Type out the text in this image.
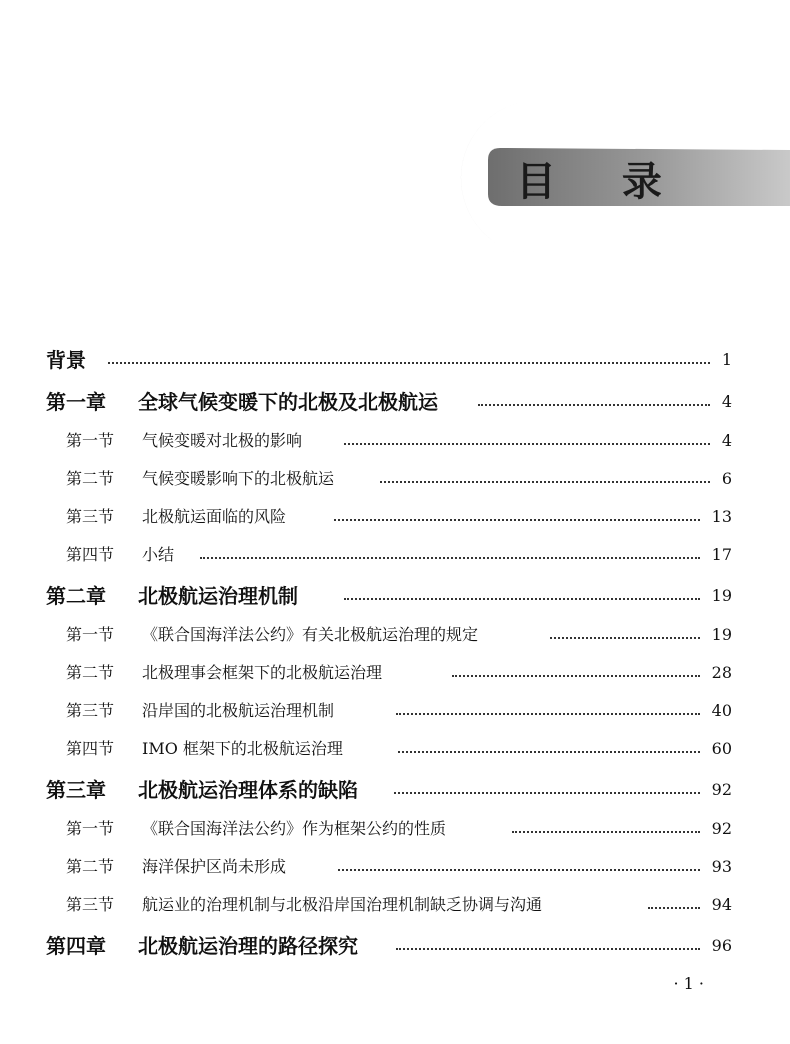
目 录
背景	1
第一章 全球气候变暖下的北极及北极航运	4
第一节 气候变暖对北极的影响	4
第二节 气候变暖影响下的北极航运	6
第三节 北极航运面临的风险	13
第四节 小结	17
第二章 北极航运治理机制	19
第一节 《联合国海洋法公约》有关北极航运治理的规定	19
第二节 北极理事会框架下的北极航运治理	28
第三节 沿岸国的北极航运治理机制	40
第四节 IMO 框架下的北极航运治理	60
第三章 北极航运治理体系的缺陷	92
第一节 《联合国海洋法公约》作为框架公约的性质	92
第二节 海洋保护区尚未形成	93
第三节 航运业的治理机制与北极沿岸国治理机制缺乏协调与沟通	94
第四章 北极航运治理的路径探究	96
· 1 ·
